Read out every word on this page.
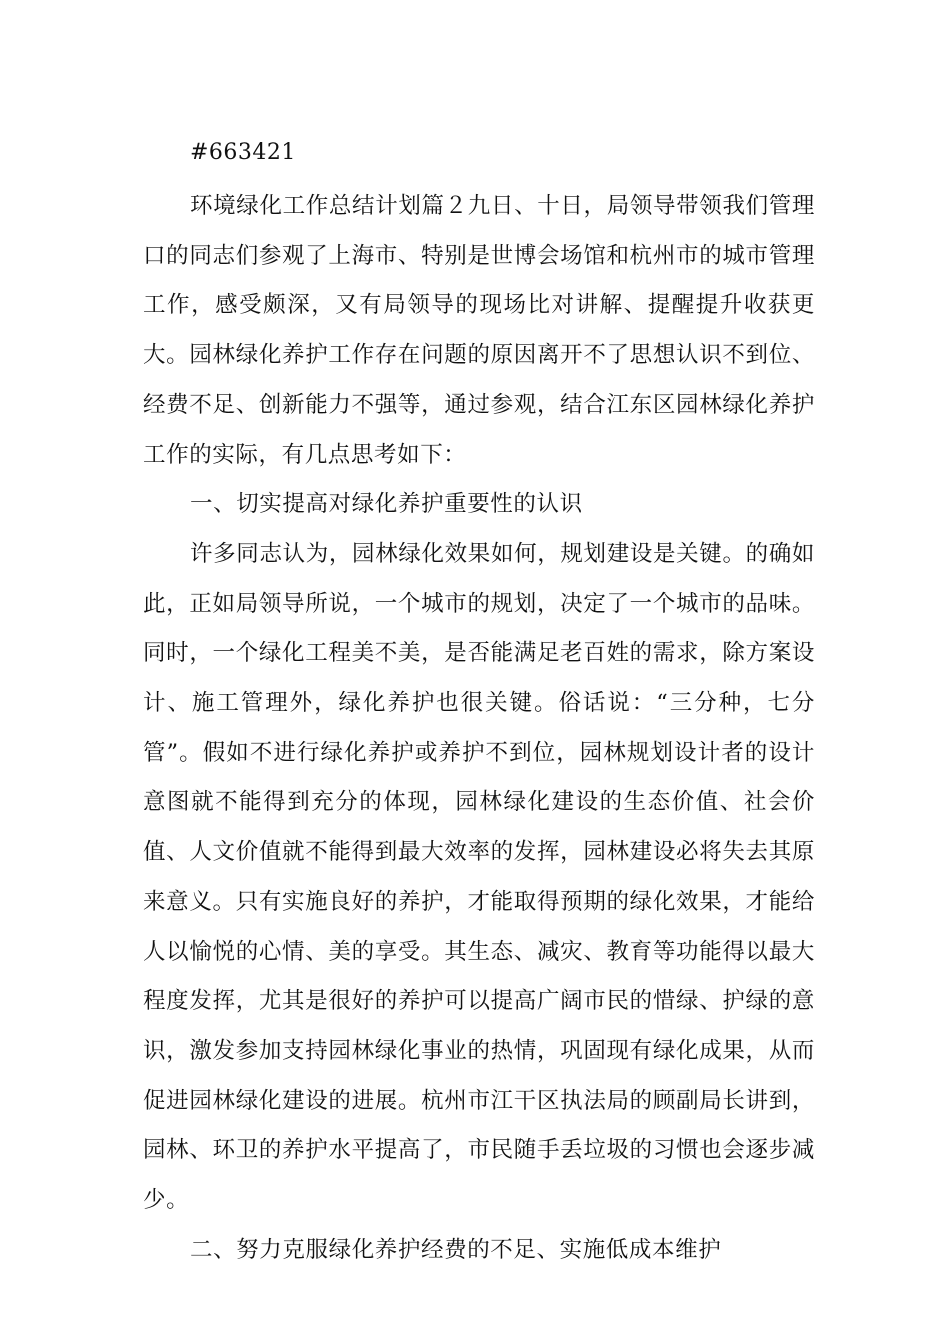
#663421

环境绿化工作总结计划篇２九日、十日，局领导带领我们管理口的同志们参观了上海市、特别是世博会场馆和杭州市的城市管理工作，感受颇深，又有局领导的现场比对讲解、提醒提升收获更大。园林绿化养护工作存在问题的原因离开不了思想认识不到位、经费不足、创新能力不强等，通过参观，结合江东区园林绿化养护工作的实际，有几点思考如下：

一、切实提高对绿化养护重要性的认识

许多同志认为，园林绿化效果如何，规划建设是关键。的确如此，正如局领导所说，一个城市的规划，决定了一个城市的品味。同时，一个绿化工程美不美，是否能满足老百姓的需求，除方案设计、施工管理外，绿化养护也很关键。俗话说：“三分种，七分管”。假如不进行绿化养护或养护不到位，园林规划设计者的设计意图就不能得到充分的体现，园林绿化建设的生态价值、社会价值、人文价值就不能得到最大效率的发挥，园林建设必将失去其原来意义。只有实施良好的养护，才能取得预期的绿化效果，才能给人以愉悦的心情、美的享受。其生态、减灾、教育等功能得以最大程度发挥，尤其是很好的养护可以提高广阔市民的惜绿、护绿的意识，激发参加支持园林绿化事业的热情，巩固现有绿化成果，从而促进园林绿化建设的进展。杭州市江干区执法局的顾副局长讲到，园林、环卫的养护水平提高了，市民随手丢垃圾的习惯也会逐步减少。

二、努力克服绿化养护经费的不足、实施低成本维护
